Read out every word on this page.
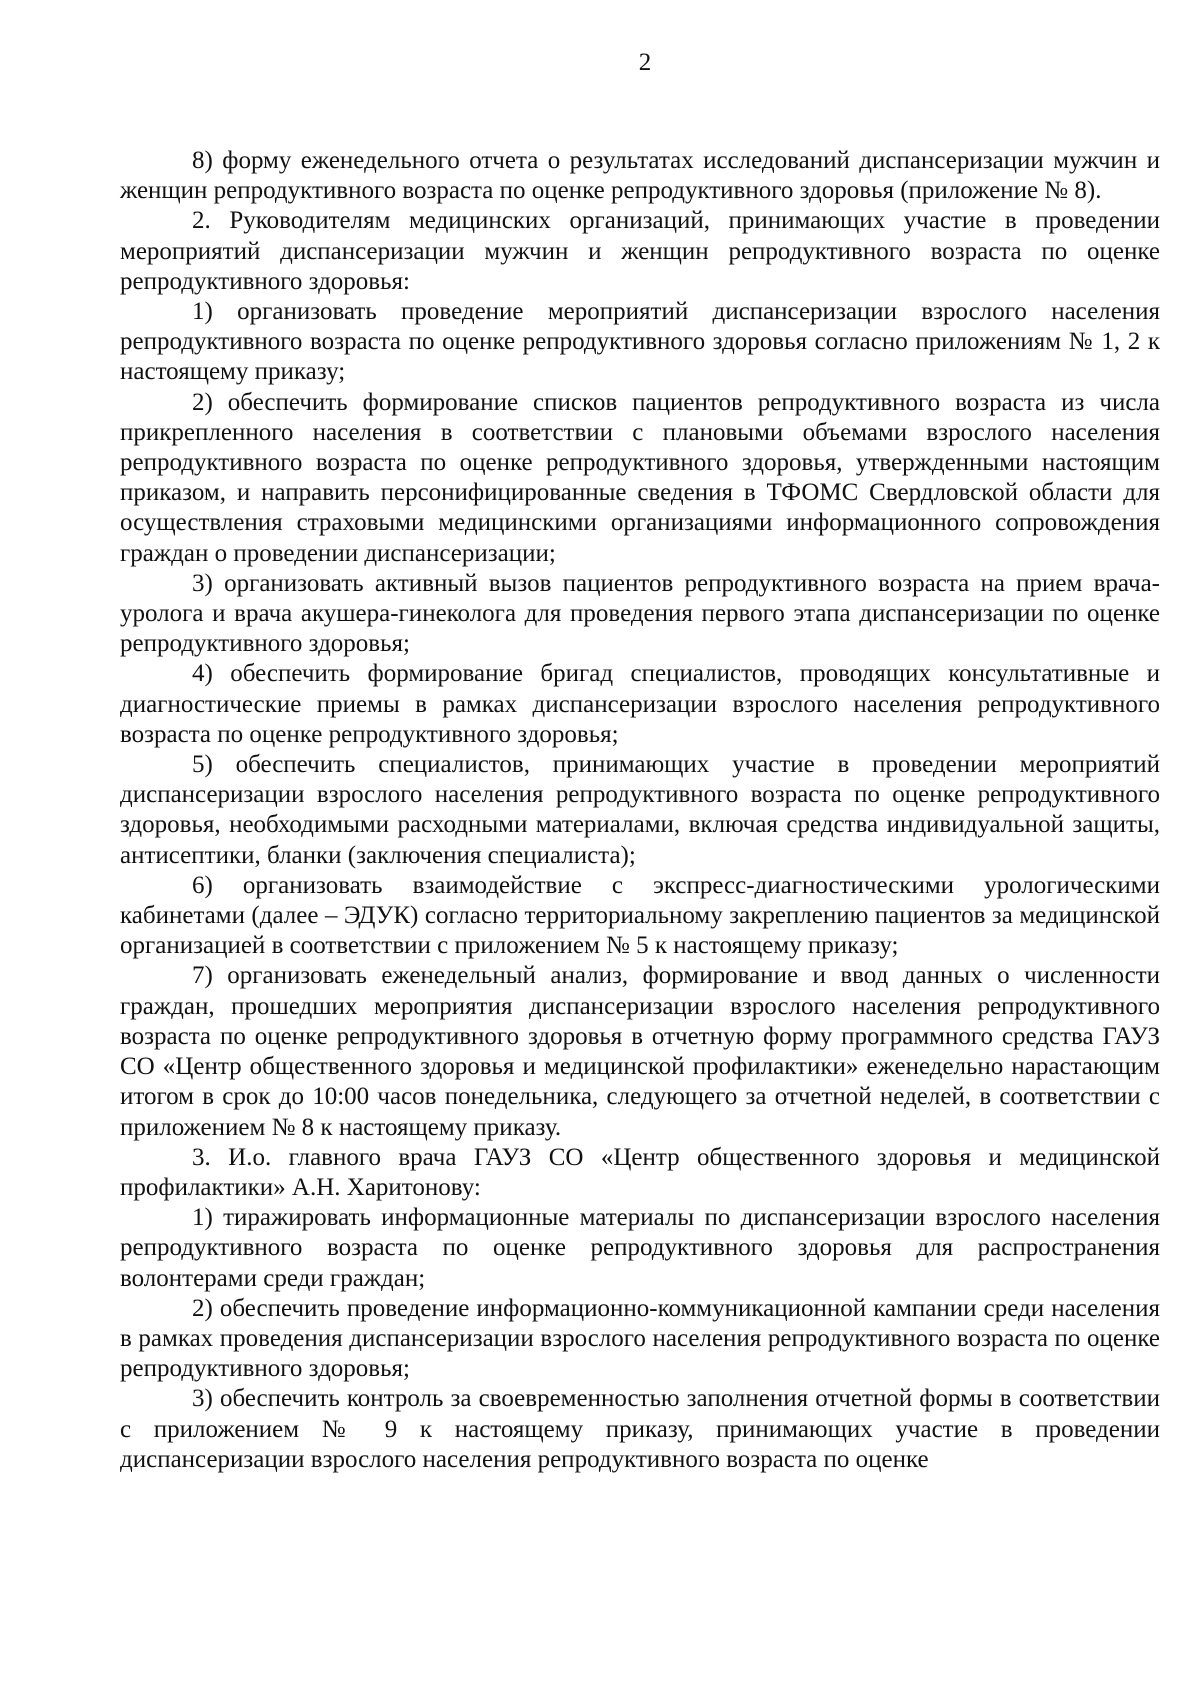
2

8) форму еженедельного отчета о результатах исследований диспансеризации мужчин и женщин репродуктивного возраста по оценке репродуктивного здоровья (приложение № 8).

2. Руководителям медицинских организаций, принимающих участие в проведении мероприятий диспансеризации мужчин и женщин репродуктивного возраста по оценке репродуктивного здоровья:

1) организовать проведение мероприятий диспансеризации взрослого населения репродуктивного возраста по оценке репродуктивного здоровья согласно приложениям № 1, 2 к настоящему приказу;

2) обеспечить формирование списков пациентов репродуктивного возраста из числа прикрепленного населения в соответствии с плановыми объемами взрослого населения репродуктивного возраста по оценке репродуктивного здоровья, утвержденными настоящим приказом, и направить персонифицированные сведения в ТФОМС Свердловской области для осуществления страховыми медицинскими организациями информационного сопровождения граждан о проведении диспансеризации;

3) организовать активный вызов пациентов репродуктивного возраста на прием врача-уролога и врача акушера-гинеколога для проведения первого этапа диспансеризации по оценке репродуктивного здоровья;

4) обеспечить формирование бригад специалистов, проводящих консультативные и диагностические приемы в рамках диспансеризации взрослого населения репродуктивного возраста по оценке репродуктивного здоровья;

5) обеспечить специалистов, принимающих участие в проведении мероприятий диспансеризации взрослого населения репродуктивного возраста по оценке репродуктивного здоровья, необходимыми расходными материалами, включая средства индивидуальной защиты, антисептики, бланки (заключения специалиста);

6) организовать взаимодействие с экспресс-диагностическими урологическими кабинетами (далее – ЭДУК) согласно территориальному закреплению пациентов за медицинской организацией в соответствии с приложением № 5 к настоящему приказу;

7) организовать еженедельный анализ, формирование и ввод данных о численности граждан, прошедших мероприятия диспансеризации взрослого населения репродуктивного возраста по оценке репродуктивного здоровья в отчетную форму программного средства ГАУЗ СО «Центр общественного здоровья и медицинской профилактики» еженедельно нарастающим итогом в срок до 10:00 часов понедельника, следующего за отчетной неделей, в соответствии с приложением № 8 к настоящему приказу.

3. И.о. главного врача ГАУЗ СО «Центр общественного здоровья и медицинской профилактики» А.Н. Харитонову:

1) тиражировать информационные материалы по диспансеризации взрослого населения репродуктивного возраста по оценке репродуктивного здоровья для распространения волонтерами среди граждан;

2) обеспечить проведение информационно-коммуникационной кампании среди населения в рамках проведения диспансеризации взрослого населения репродуктивного возраста по оценке репродуктивного здоровья;

3) обеспечить контроль за своевременностью заполнения отчетной формы в соответствии с приложением № 9 к настоящему приказу, принимающих участие в проведении диспансеризации взрослого населения репродуктивного возраста по оценке
